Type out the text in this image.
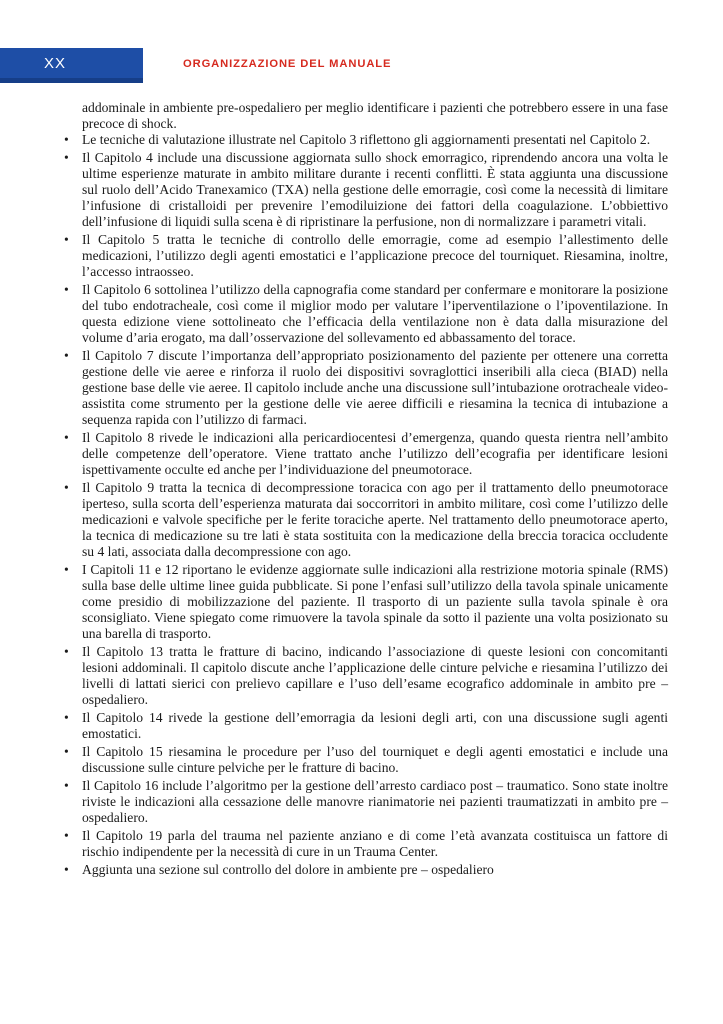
XX	ORGANIZZAZIONE DEL MANUALE

addominale in ambiente pre-ospedaliero per meglio identificare i pazienti che potrebbero essere in una fase precoce di shock.

• Le tecniche di valutazione illustrate nel Capitolo 3 riflettono gli aggiornamenti presentati nel Capitolo 2.
• Il Capitolo 4 include una discussione aggiornata sullo shock emorragico, riprendendo ancora una volta le ultime esperienze maturate in ambito militare durante i recenti conflitti. È stata aggiunta una discussione sul ruolo dell’Acido Tranexamico (TXA) nella gestione delle emorragie, così come la necessità di limitare l’infusione di cristalloidi per prevenire l’emodiluizione dei fattori della coagulazione. L’obbiettivo dell’infusione di liquidi sulla scena è di ripristinare la perfusione, non di normalizzare i parametri vitali.
• Il Capitolo 5 tratta le tecniche di controllo delle emorragie, come ad esempio l’allestimento delle medicazioni, l’utilizzo degli agenti emostatici e l’applicazione precoce del tourniquet. Riesamina, inoltre, l’accesso intraosseo.
• Il Capitolo 6 sottolinea l’utilizzo della capnografia come standard per confermare e monitorare la posizione del tubo endotracheale, così come il miglior modo per valutare l’iperventilazione o l’ipoventilazione. In questa edizione viene sottolineato che l’efficacia della ventilazione non è data dalla misurazione del volume d’aria erogato, ma dall’osservazione del sollevamento ed abbassamento del torace.
• Il Capitolo 7 discute l’importanza dell’appropriato posizionamento del paziente per ottenere una corretta gestione delle vie aeree e rinforza il ruolo dei dispositivi sovraglottici inseribili alla cieca (BIAD) nella gestione base delle vie aeree. Il capitolo include anche una discussione sull’intubazione orotracheale video-assistita come strumento per la gestione delle vie aeree difficili e riesamina la tecnica di intubazione a sequenza rapida con l’utilizzo di farmaci.
• Il Capitolo 8 rivede le indicazioni alla pericardiocentesi d’emergenza, quando questa rientra nell’ambito delle competenze dell’operatore. Viene trattato anche l’utilizzo dell’ecografia per identificare lesioni ispettivamente occulte ed anche per l’individuazione del pneumotorace.
• Il Capitolo 9 tratta la tecnica di decompressione toracica con ago per il trattamento dello pneumotorace iperteso, sulla scorta dell’esperienza maturata dai soccorritori in ambito militare, così come l’utilizzo delle medicazioni e valvole specifiche per le ferite toraciche aperte. Nel trattamento dello pneumotorace aperto, la tecnica di medicazione su tre lati è stata sostituita con la medicazione della breccia toracica occludente su 4 lati, associata dalla decompressione con ago.
• I Capitoli 11 e 12 riportano le evidenze aggiornate sulle indicazioni alla restrizione motoria spinale (RMS) sulla base delle ultime linee guida pubblicate. Si pone l’enfasi sull’utilizzo della tavola spinale unicamente come presidio di mobilizzazione del paziente. Il trasporto di un paziente sulla tavola spinale è ora sconsigliato. Viene spiegato come rimuovere la tavola spinale da sotto il paziente una volta posizionato su una barella di trasporto.
• Il Capitolo 13 tratta le fratture di bacino, indicando l’associazione di queste lesioni con concomitanti lesioni addominali. Il capitolo discute anche l’applicazione delle cinture pelviche e riesamina l’utilizzo dei livelli di lattati sierici con prelievo capillare e l’uso dell’esame ecografico addominale in ambito pre – ospedaliero.
• Il Capitolo 14 rivede la gestione dell’emorragia da lesioni degli arti, con una discussione sugli agenti emostatici.
• Il Capitolo 15 riesamina le procedure per l’uso del tourniquet e degli agenti emostatici e include una discussione sulle cinture pelviche per le fratture di bacino.
• Il Capitolo 16 include l’algoritmo per la gestione dell’arresto cardiaco post – traumatico. Sono state inoltre riviste le indicazioni alla cessazione delle manovre rianimatorie nei pazienti traumatizzati in ambito pre – ospedaliero.
• Il Capitolo 19 parla del trauma nel paziente anziano e di come l’età avanzata costituisca un fattore di rischio indipendente per la necessità di cure in un Trauma Center.
• Aggiunta una sezione sul controllo del dolore in ambiente pre – ospedaliero
